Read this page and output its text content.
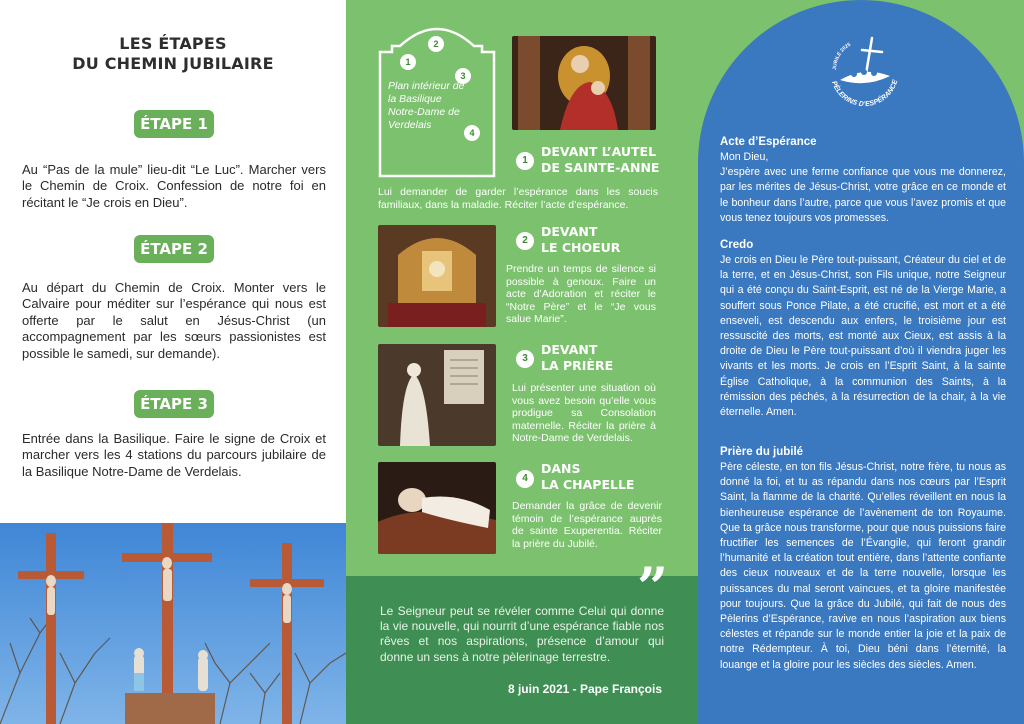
LES ÉTAPES
DU CHEMIN JUBILAIRE
ÉTAPE 1

Au “Pas de la mule” lieu-dit “Le Luc”. Marcher vers le Chemin de Croix. Confession de notre foi en récitant le “Je crois en Dieu”.

ÉTAPE 2

Au départ du Chemin de Croix. Monter vers le Calvaire pour méditer sur l’espérance qui nous est offerte par le salut en Jésus-Christ (un accompagnement par les sœurs passionistes est possible le samedi, sur demande).

ÉTAPE 3

Entrée dans la Basilique. Faire le signe de Croix et marcher vers les 4 stations du parcours jubilaire de la Basilique Notre-Dame de Verdelais.

1
2
3
4
Plan intérieur de la Basilique Notre-Dame de Verdelais
1
DEVANT L’AUTEL
DE SAINTE-ANNE

Lui demander de garder l’espérance dans les soucis familiaux, dans la maladie. Réciter l’acte d’espérance.

2
DEVANT
LE CHOEUR

Prendre un temps de silence si possible à genoux. Faire un acte d’Adoration et réciter le “Notre Père” et le “Je vous salue Marie”.

3
DEVANT
LA PRIÈRE

Lui présenter une situation où vous avez besoin qu’elle vous prodigue sa Consolation maternelle. Réciter la prière à Notre-Dame de Verdelais.

4
DANS
LA CHAPELLE

Demander la grâce de devenir témoin de l’espérance auprès de sainte Exuperentia. Réciter la prière du Jubilé.

”

Le Seigneur peut se révéler comme Celui qui donne la vie nouvelle, qui nourrit d’une espérance fiable nos rêves et nos aspirations, présence d’amour qui donne un sens à notre pèlerinage terrestre.

8 juin 2021 - Pape François
JUBILÉ 2025
PÈLERINS D’ESPÉRANCE
Acte d’Espérance

Mon Dieu,
J’espère avec une ferme confiance que vous me donnerez, par les mérites de Jésus-Christ, votre grâce en ce monde et le bonheur dans l’autre, parce que vous l’avez promis et que vous tenez toujours vos promesses.

Credo

Je crois en Dieu le Père tout-puissant, Créateur du ciel et de la terre, et en Jésus-Christ, son Fils unique, notre Seigneur qui a été conçu du Saint-Esprit, est né de la Vierge Marie, a souffert sous Ponce Pilate, a été crucifié, est mort et a été enseveli, est descendu aux enfers, le troisième jour est ressuscité des morts, est monté aux Cieux, est assis à la droite de Dieu le Père tout-puissant d’où il viendra juger les vivants et les morts. Je crois en l’Esprit Saint, à la sainte Église Catholique, à la communion des Saints, à la rémission des péchés, à la résurrection de la chair, à la vie éternelle. Amen.

Prière du jubilé

Père céleste, en ton fils Jésus-Christ, notre frère, tu nous as donné la foi, et tu as répandu dans nos cœurs par l’Esprit Saint, la flamme de la charité. Qu’elles réveillent en nous la bienheureuse espérance de l’avènement de ton Royaume. Que ta grâce nous transforme, pour que nous puissions faire fructifier les semences de l’Évangile, qui feront grandir l’humanité et la création tout entière, dans l’attente confiante des cieux nouveaux et de la terre nouvelle, lorsque les puissances du mal seront vaincues, et ta gloire manifestée pour toujours. Que la grâce du Jubilé, qui fait de nous des Pèlerins d’Espérance, ravive en nous l’aspiration aux biens célestes et répande sur le monde entier la joie et la paix de notre Rédempteur. À toi, Dieu béni dans l’éternité, la louange et la gloire pour les siècles des siècles. Amen.
